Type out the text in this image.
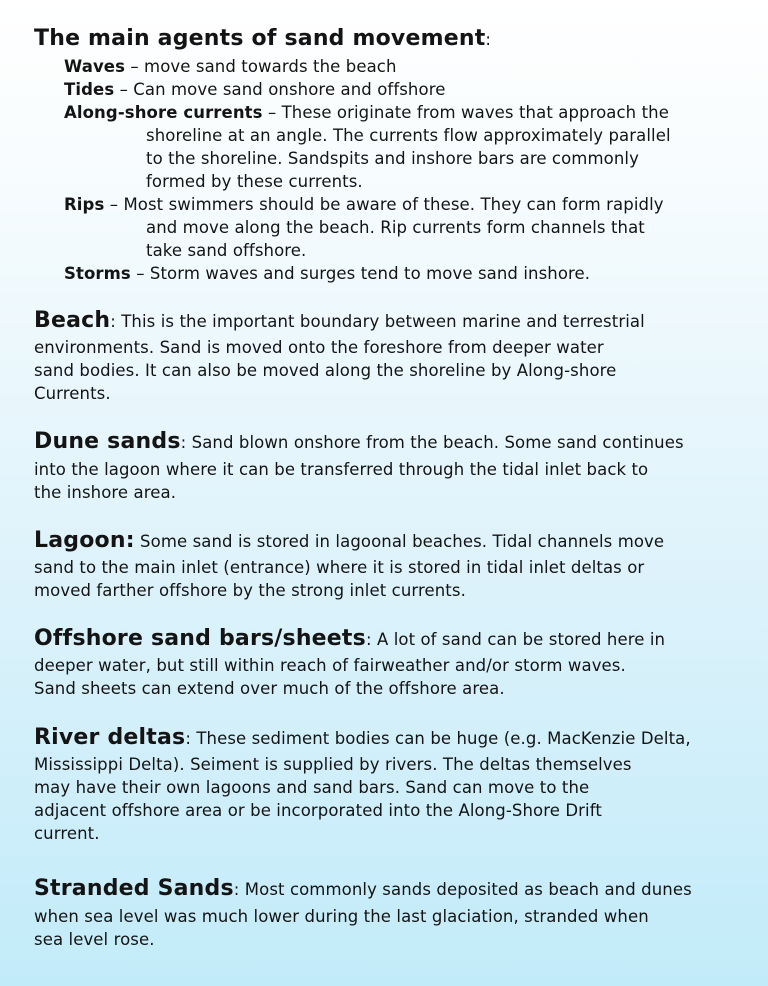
The main agents of sand movement:
Waves – move sand towards the beach
Tides – Can move sand onshore and offshore
Along-shore currents – These originate from waves that approach the
shoreline at an angle. The currents flow approximately parallel
to the shoreline. Sandspits and inshore bars are commonly
formed by these currents.
Rips – Most swimmers should be aware of these. They can form rapidly
and move along the beach. Rip currents form channels that
take sand offshore.
Storms – Storm waves and surges tend to move sand inshore.
Beach: This is the important boundary between marine and terrestrial
environments. Sand is moved onto the foreshore from deeper water
sand bodies. It can also be moved along the shoreline by Along-shore
Currents.
Dune sands: Sand blown onshore from the beach. Some sand continues
into the lagoon where it can be transferred through the tidal inlet back to
the inshore area.
Lagoon: Some sand is stored in lagoonal beaches. Tidal channels move
sand to the main inlet (entrance) where it is stored in tidal inlet deltas or
moved farther offshore by the strong inlet currents.
Offshore sand bars/sheets: A lot of sand can be stored here in
deeper water, but still within reach of fairweather and/or storm waves.
Sand sheets can extend over much of the offshore area.
River deltas: These sediment bodies can be huge (e.g. MacKenzie Delta,
Mississippi Delta). Seiment is supplied by rivers. The deltas themselves
may have their own lagoons and sand bars. Sand can move to the
adjacent offshore area or be incorporated into the Along-Shore Drift
current.
Stranded Sands: Most commonly sands deposited as beach and dunes
when sea level was much lower during the last glaciation, stranded when
sea level rose.
